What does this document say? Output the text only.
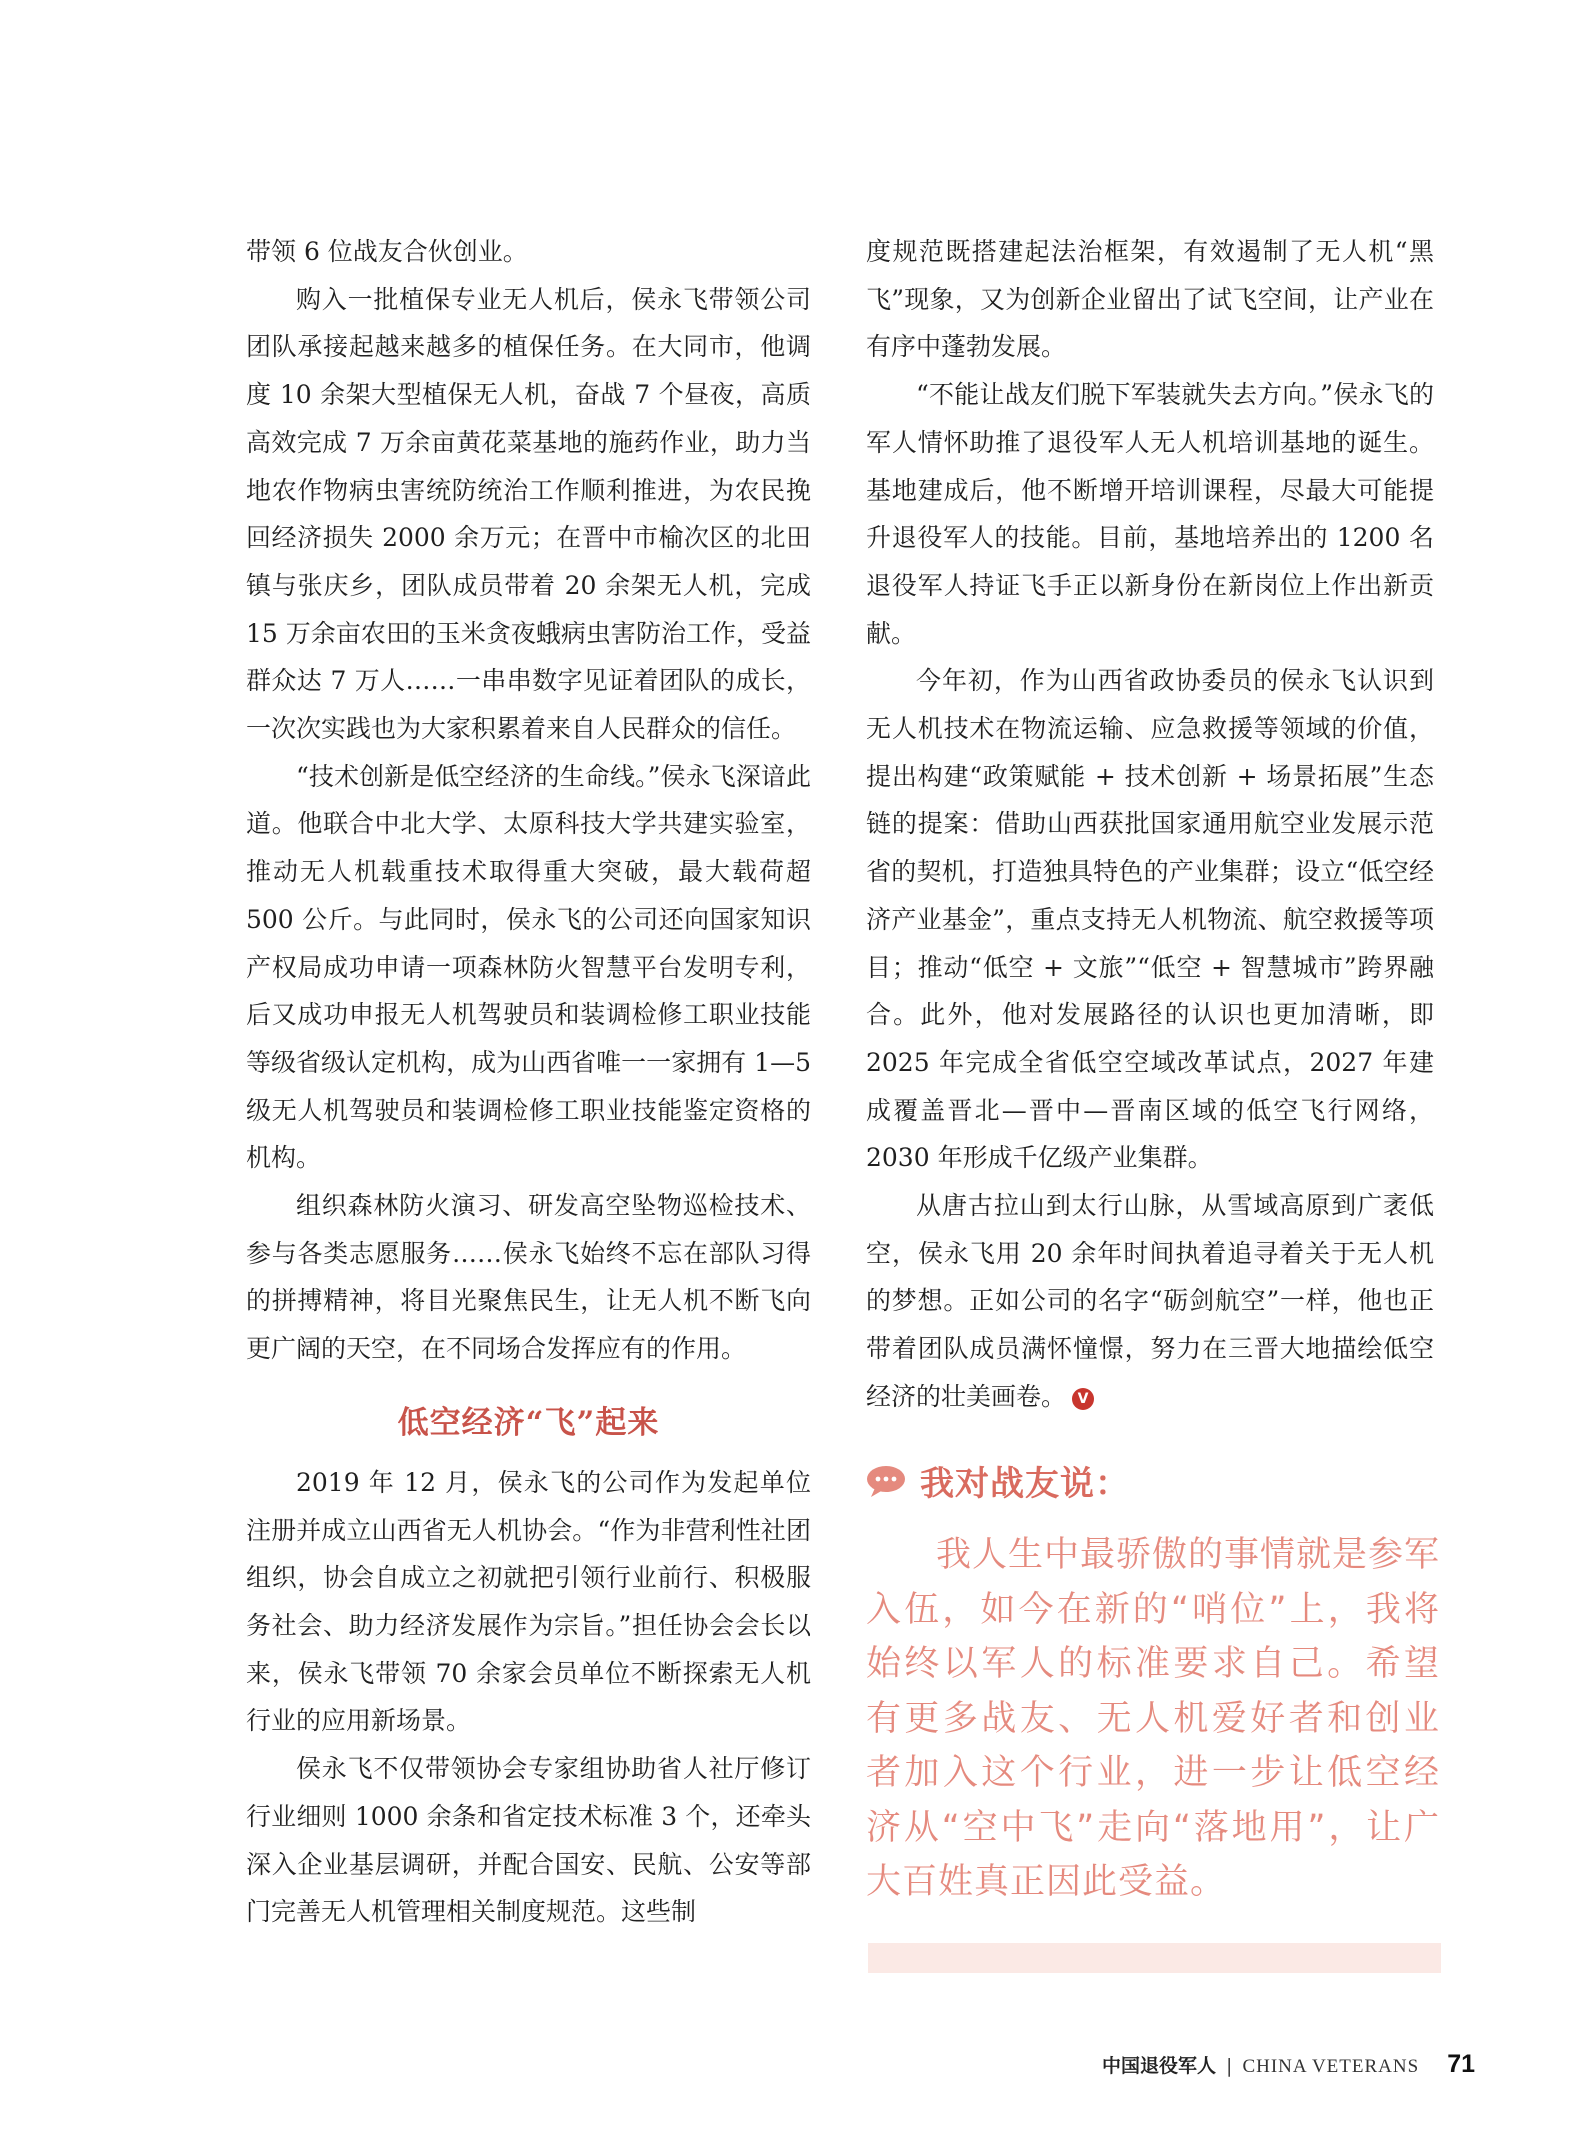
带领 6 位战友合伙创业。

购入一批植保专业无人机后，侯永飞带领公司团队承接起越来越多的植保任务。在大同市，他调度 10 余架大型植保无人机，奋战 7 个昼夜，高质高效完成 7 万余亩黄花菜基地的施药作业，助力当地农作物病虫害统防统治工作顺利推进，为农民挽回经济损失 2000 余万元；在晋中市榆次区的北田镇与张庆乡，团队成员带着 20 余架无人机，完成 15 万余亩农田的玉米贪夜蛾病虫害防治工作，受益群众达 7 万人……一串串数字见证着团队的成长，一次次实践也为大家积累着来自人民群众的信任。

“技术创新是低空经济的生命线。”侯永飞深谙此道。他联合中北大学、太原科技大学共建实验室，推动无人机载重技术取得重大突破，最大载荷超 500 公斤。与此同时，侯永飞的公司还向国家知识产权局成功申请一项森林防火智慧平台发明专利，后又成功申报无人机驾驶员和装调检修工职业技能等级省级认定机构，成为山西省唯一一家拥有 1—5 级无人机驾驶员和装调检修工职业技能鉴定资格的机构。

组织森林防火演习、研发高空坠物巡检技术、参与各类志愿服务……侯永飞始终不忘在部队习得的拼搏精神，将目光聚焦民生，让无人机不断飞向更广阔的天空，在不同场合发挥应有的作用。

低空经济“飞”起来

2019 年 12 月，侯永飞的公司作为发起单位注册并成立山西省无人机协会。“作为非营利性社团组织，协会自成立之初就把引领行业前行、积极服务社会、助力经济发展作为宗旨。”担任协会会长以来，侯永飞带领 70 余家会员单位不断探索无人机行业的应用新场景。

侯永飞不仅带领协会专家组协助省人社厅修订行业细则 1000 余条和省定技术标准 3 个，还牵头深入企业基层调研，并配合国安、民航、公安等部门完善无人机管理相关制度规范。这些制

度规范既搭建起法治框架，有效遏制了无人机“黑飞”现象，又为创新企业留出了试飞空间，让产业在有序中蓬勃发展。

“不能让战友们脱下军装就失去方向。”侯永飞的军人情怀助推了退役军人无人机培训基地的诞生。基地建成后，他不断增开培训课程，尽最大可能提升退役军人的技能。目前，基地培养出的 1200 名退役军人持证飞手正以新身份在新岗位上作出新贡献。

今年初，作为山西省政协委员的侯永飞认识到无人机技术在物流运输、应急救援等领域的价值，提出构建“政策赋能 + 技术创新 + 场景拓展”生态链的提案：借助山西获批国家通用航空业发展示范省的契机，打造独具特色的产业集群；设立“低空经济产业基金”，重点支持无人机物流、航空救援等项目；推动“低空 + 文旅”“低空 + 智慧城市”跨界融合。此外，他对发展路径的认识也更加清晰，即 2025 年完成全省低空空域改革试点，2027 年建成覆盖晋北—晋中—晋南区域的低空飞行网络，2030 年形成千亿级产业集群。

从唐古拉山到太行山脉，从雪域高原到广袤低空，侯永飞用 20 余年时间执着追寻着关于无人机的梦想。正如公司的名字“砺剑航空”一样，他也正带着团队成员满怀憧憬，努力在三晋大地描绘低空经济的壮美画卷。 V

我对战友说：
我人生中最骄傲的事情就是参军入伍，如今在新的“哨位”上，我将始终以军人的标准要求自己。希望有更多战友、无人机爱好者和创业者加入这个行业，进一步让低空经济从“空中飞”走向“落地用”，让广大百姓真正因此受益。
中国退役军人 | CHINA VETERANS 71
